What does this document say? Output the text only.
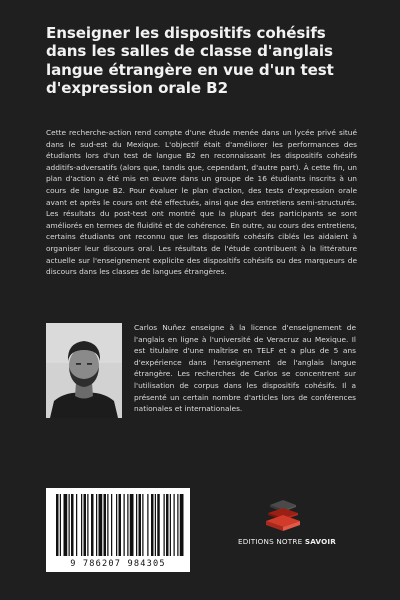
Enseigner les dispositifs cohésifs dans les salles de classe d'anglais langue étrangère en vue d'un test d'expression orale B2

Cette recherche-action rend compte d'une étude menée dans un lycée privé situé dans le sud-est du Mexique. L'objectif était d'améliorer les performances des étudiants lors d'un test de langue B2 en reconnaissant les dispositifs cohésifs additifs-adversatifs (alors que, tandis que, cependant, d'autre part). À cette fin, un plan d'action a été mis en œuvre dans un groupe de 16 étudiants inscrits à un cours de langue B2. Pour évaluer le plan d'action, des tests d'expression orale avant et après le cours ont été effectués, ainsi que des entretiens semi-structurés. Les résultats du post-test ont montré que la plupart des participants se sont améliorés en termes de fluidité et de cohérence. En outre, au cours des entretiens, certains étudiants ont reconnu que les dispositifs cohésifs ciblés les aidaient à organiser leur discours oral. Les résultats de l'étude contribuent à la littérature actuelle sur l'enseignement explicite des dispositifs cohésifs ou des marqueurs de discours dans les classes de langues étrangères.

Carlos Nuñez enseigne à la licence d'enseignement de l'anglais en ligne à l'université de Veracruz au Mexique. Il est titulaire d'une maîtrise en TELF et a plus de 5 ans d'expérience dans l'enseignement de l'anglais langue étrangère. Les recherches de Carlos se concentrent sur l'utilisation de corpus dans les dispositifs cohésifs. Il a présenté un certain nombre d'articles lors de conférences nationales et internationales.

EDITIONS NOTRE SAVOIR
9 786207 984305
